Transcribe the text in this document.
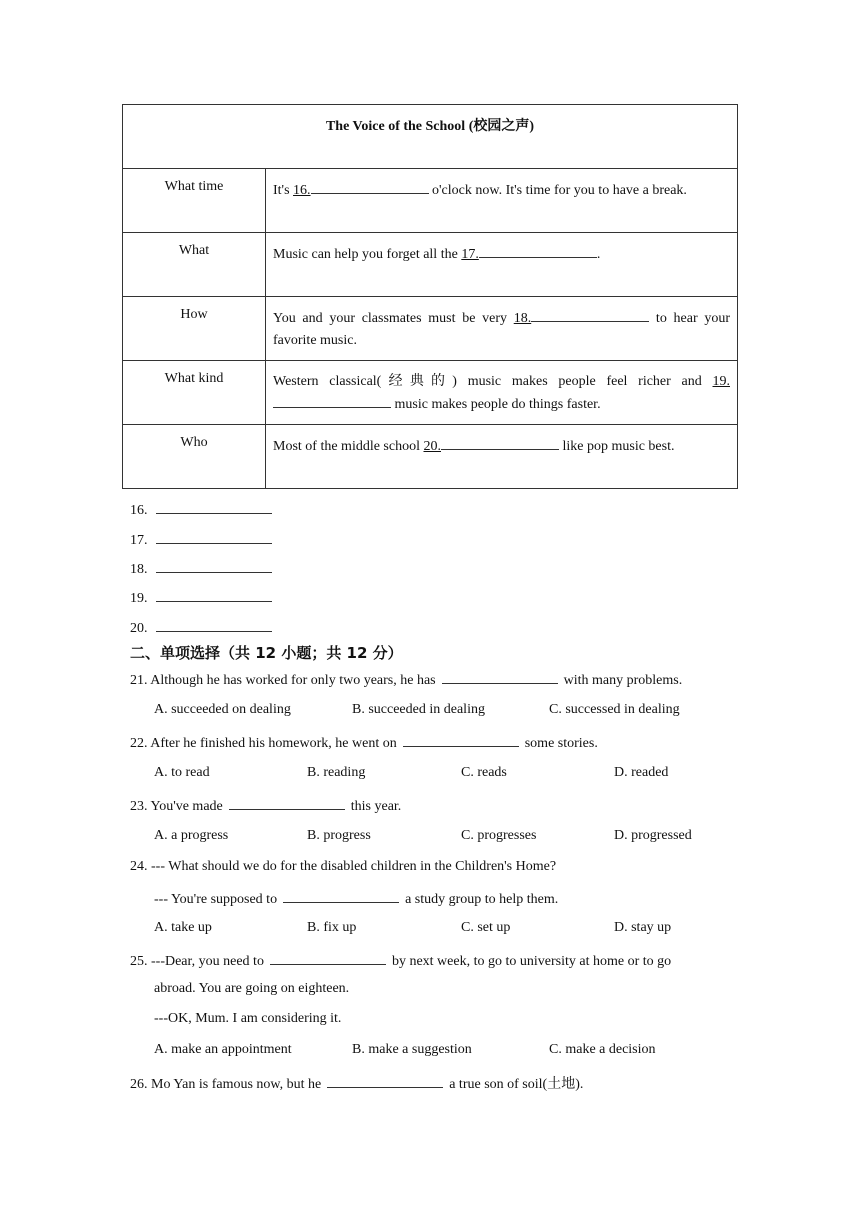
The Voice of the School (校园之声)	
What time	It's 16. o'clock now. It's time for you to have a break.
What	Music can help you forget all the 17. .
How	You and your classmates must be very 18. to hear your favorite music.
What kind	Western classical(经典的) music makes people feel richer and 19. music makes people do things faster.
Who	Most of the middle school 20. like pop music best.
16.
17.
18.
19.
20.
二、单项选择（共 12 小题；共 12 分）
21. Although he has worked for only two years, he has	with many problems.
A. succeeded on dealing	B. succeeded in dealing	C. successed in dealing
22. After he finished his homework, he went on	some stories.
A. to read	B. reading	C. reads	D. readed
23. You've made	this year.
A. a progress	B. progress	C. progresses	D. progressed
24. --- What should we do for the disabled children in the Children's Home?
--- You're supposed to	a study group to help them.
A. take up	B. fix up	C. set up	D. stay up
25. ---Dear, you need to	by next week, to go to university at home or to go
abroad. You are going on eighteen.
---OK, Mum. I am considering it.
A. make an appointment	B. make a suggestion	C. make a decision
26. Mo Yan is famous now, but he	a true son of soil(土地).
